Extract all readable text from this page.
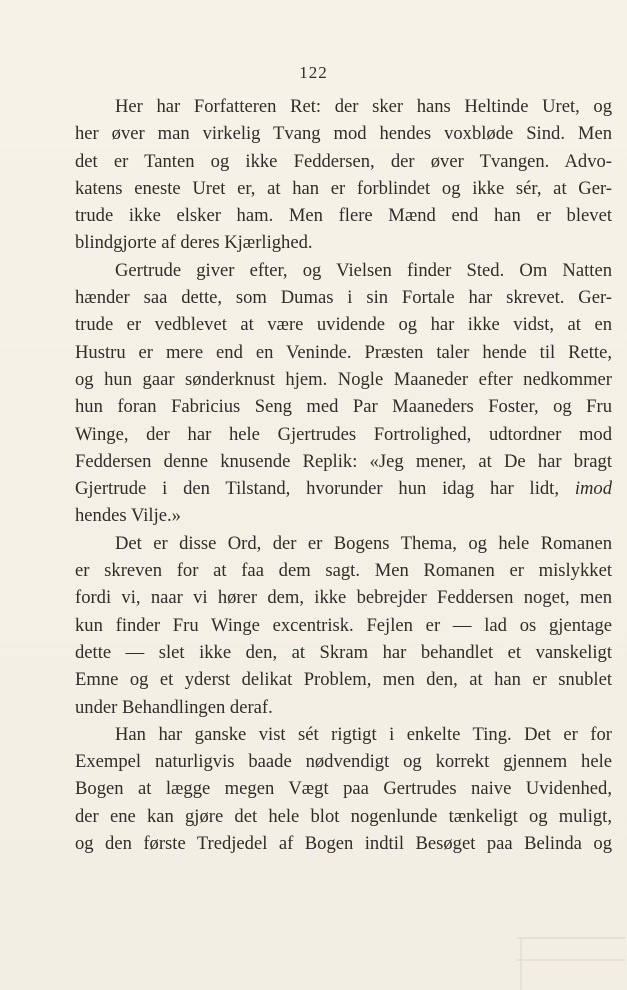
122
Her har Forfatteren Ret: der sker hans Heltinde Uret, og
her øver man virkelig Tvang mod hendes voxbløde Sind. Men
det er Tanten og ikke Feddersen, der øver Tvangen. Advo-
katens eneste Uret er, at han er forblindet og ikke sér, at Ger-
trude ikke elsker ham. Men flere Mænd end han er blevet
blindgjorte af deres Kjærlighed.
Gertrude giver efter, og Vielsen finder Sted. Om Natten
hænder saa dette, som Dumas i sin Fortale har skrevet. Ger-
trude er vedblevet at være uvidende og har ikke vidst, at en
Hustru er mere end en Veninde. Præsten taler hende til Rette,
og hun gaar sønderknust hjem. Nogle Maaneder efter nedkommer
hun foran Fabricius Seng med Par Maaneders Foster, og Fru
Winge, der har hele Gjertrudes Fortrolighed, udtordner mod
Feddersen denne knusende Replik: «Jeg mener, at De har bragt
Gjertrude i den Tilstand, hvorunder hun idag har lidt, imod
hendes Vilje.»
Det er disse Ord, der er Bogens Thema, og hele Romanen
er skreven for at faa dem sagt. Men Romanen er mislykket
fordi vi, naar vi hører dem, ikke bebrejder Feddersen noget, men
kun finder Fru Winge excentrisk. Fejlen er — lad os gjentage
dette — slet ikke den, at Skram har behandlet et vanskeligt
Emne og et yderst delikat Problem, men den, at han er snublet
under Behandlingen deraf.
Han har ganske vist sét rigtigt i enkelte Ting. Det er for
Exempel naturligvis baade nødvendigt og korrekt gjennem hele
Bogen at lægge megen Vægt paa Gertrudes naive Uvidenhed,
der ene kan gjøre det hele blot nogenlunde tænkeligt og muligt,
og den første Tredjedel af Bogen indtil Besøget paa Belinda og
